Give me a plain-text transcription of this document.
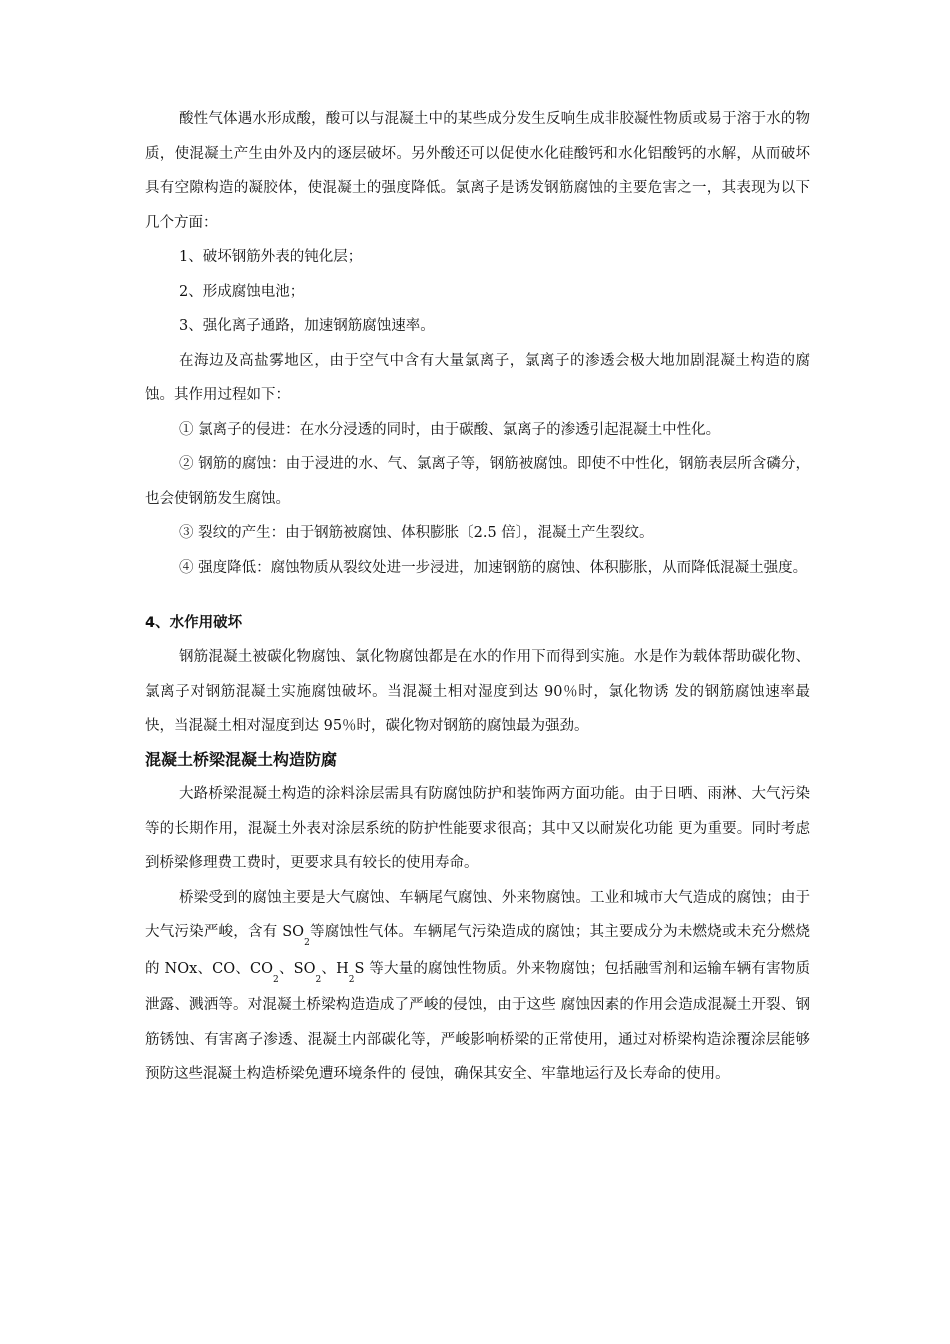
酸性气体遇水形成酸，酸可以与混凝土中的某些成分发生反响生成非胶凝性物质或易于溶于水的物质，使混凝土产生由外及内的逐层破坏。另外酸还可以促使水化硅酸钙和水化铝酸钙的水解，从而破坏具有空隙构造的凝胶体，使混凝土的强度降低。氯离子是诱发钢筋腐蚀的主要危害之一，其表现为以下几个方面：

1、破坏钢筋外表的钝化层；

2、形成腐蚀电池；

3、强化离子通路，加速钢筋腐蚀速率。

在海边及高盐雾地区，由于空气中含有大量氯离子，氯离子的渗透会极大地加剧混凝土构造的腐蚀。其作用过程如下：

① 氯离子的侵进：在水分浸透的同时，由于碳酸、氯离子的渗透引起混凝土中性化。

② 钢筋的腐蚀：由于浸进的水、气、氯离子等，钢筋被腐蚀。即使不中性化，钢筋表层所含磷分，也会使钢筋发生腐蚀。

③ 裂纹的产生：由于钢筋被腐蚀、体积膨胀〔2.5 倍〕，混凝土产生裂纹。

④ 强度降低：腐蚀物质从裂纹处进一步浸进，加速钢筋的腐蚀、体积膨胀，从而降低混凝土强度。

4、水作用破坏

钢筋混凝土被碳化物腐蚀、氯化物腐蚀都是在水的作用下而得到实施。水是作为载体帮助碳化物、氯离子对钢筋混凝土实施腐蚀破坏。当混凝土相对湿度到达 90％时，氯化物诱 发的钢筋腐蚀速率最快，当混凝土相对湿度到达 95％时，碳化物对钢筋的腐蚀最为强劲。

混凝土桥梁混凝土构造防腐

大路桥梁混凝土构造的涂料涂层需具有防腐蚀防护和装饰两方面功能。由于日晒、雨淋、大气污染等的长期作用，混凝土外表对涂层系统的防护性能要求很高；其中又以耐炭化功能 更为重要。同时考虑到桥梁修理费工费时，更要求具有较长的使用寿命。

桥梁受到的腐蚀主要是大气腐蚀、车辆尾气腐蚀、外来物腐蚀。工业和城市大气造成的腐蚀；由于大气污染严峻，含有 $SO_2$等腐蚀性气体。车辆尾气污染造成的腐蚀；其主要成分为未燃烧或未充分燃烧的 NOx、CO、$CO_2$、$SO_2$、$H_2S$ 等大量的腐蚀性物质。外来物腐蚀；包括融雪剂和运输车辆有害物质泄露、溅洒等。对混凝土桥梁构造造成了严峻的侵蚀，由于这些 腐蚀因素的作用会造成混凝土开裂、钢筋锈蚀、有害离子渗透、混凝土内部碳化等，严峻影响桥梁的正常使用，通过对桥梁构造涂覆涂层能够预防这些混凝土构造桥梁免遭环境条件的 侵蚀，确保其安全、牢靠地运行及长寿命的使用。
